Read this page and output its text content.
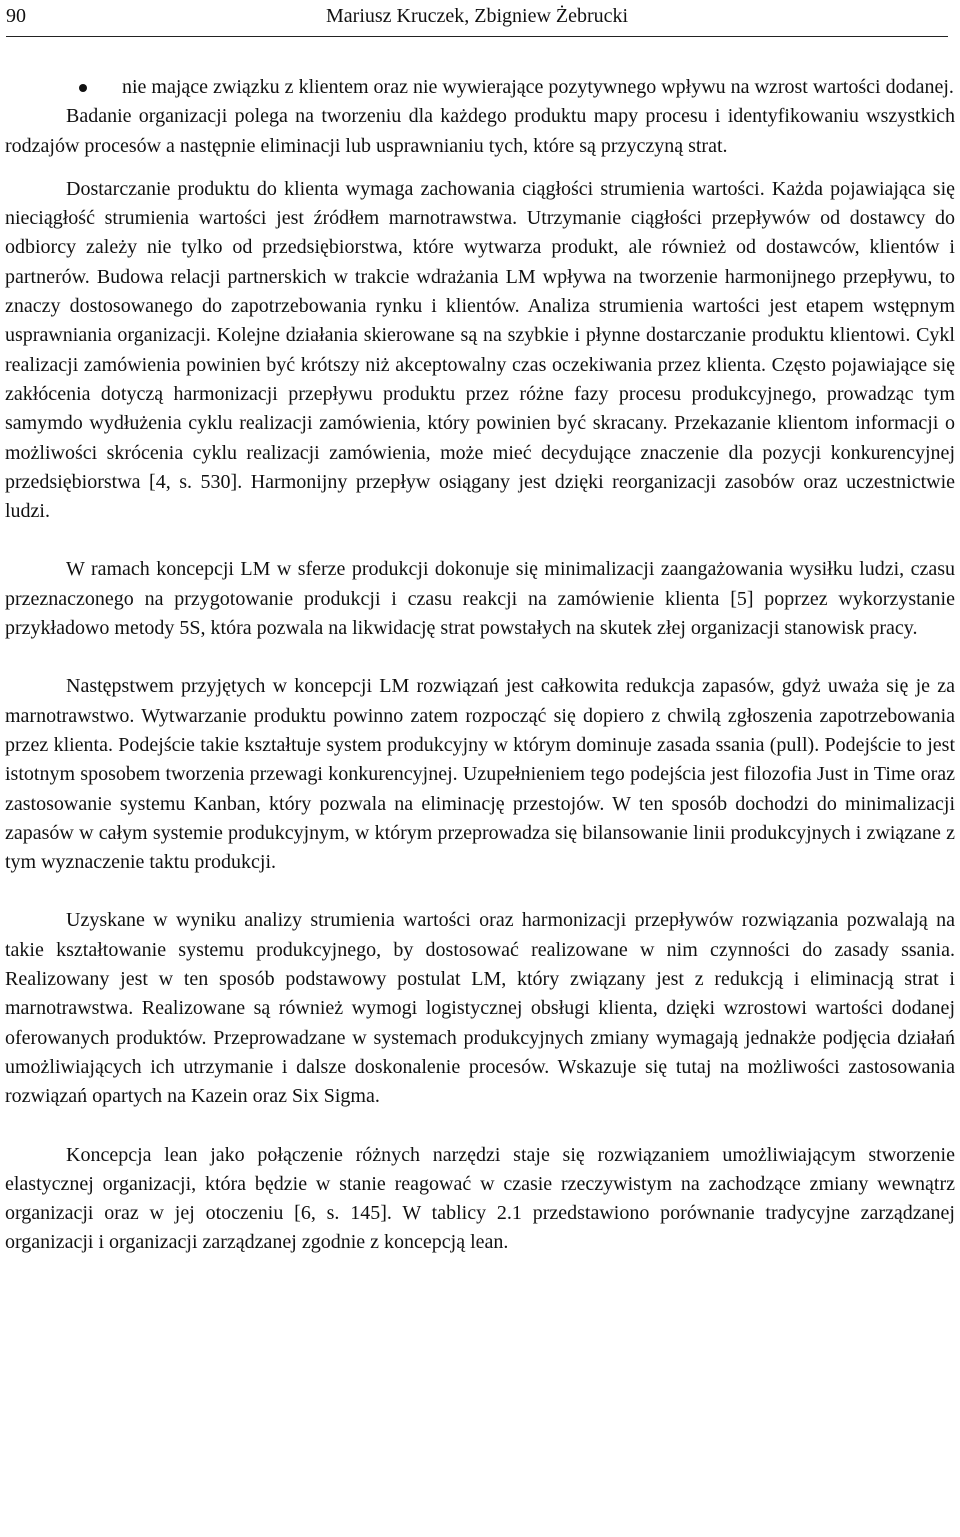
90	Mariusz Kruczek, Zbigniew Żebrucki
nie mające związku z klientem oraz nie wywierające pozytywnego wpływu na wzrost wartości dodanej.

Badanie organizacji polega na tworzeniu dla każdego produktu mapy procesu i identyfikowaniu wszystkich rodzajów procesów a następnie eliminacji lub usprawnianiu tych, które są przyczyną strat.

Dostarczanie produktu do klienta wymaga zachowania ciągłości strumienia wartości. Każda pojawiająca się nieciągłość strumienia wartości jest źródłem marnotrawstwa. Utrzymanie ciągłości przepływów od dostawcy do odbiorcy zależy nie tylko od przedsiębiorstwa, które wytwarza produkt, ale również od dostawców, klientów i partnerów. Budowa relacji partnerskich w trakcie wdrażania LM wpływa na tworzenie harmonijnego przepływu, to znaczy dostosowanego do zapotrzebowania rynku i klientów. Analiza strumienia wartości jest etapem wstępnym usprawniania organizacji. Kolejne działania skierowane są na szybkie i płynne dostarczanie produktu klientowi. Cykl realizacji zamówienia powinien być krótszy niż akceptowalny czas oczekiwania przez klienta. Często pojawiające się zakłócenia dotyczą harmonizacji przepływu produktu przez różne fazy procesu produkcyjnego, prowadząc tym samymdo wydłużenia cyklu realizacji zamówienia, który powinien być skracany. Przekazanie klientom informacji o możliwości skrócenia cyklu realizacji zamówienia, może mieć decydujące znaczenie dla pozycji konkurencyjnej przedsiębiorstwa [4, s. 530]. Harmonijny przepływ osiągany jest dzięki reorganizacji zasobów oraz uczestnictwie ludzi.

W ramach koncepcji LM w sferze produkcji dokonuje się minimalizacji zaangażowania wysiłku ludzi, czasu przeznaczonego na przygotowanie produkcji i czasu reakcji na zamówienie klienta [5] poprzez wykorzystanie przykładowo metody 5S, która pozwala na likwidację strat powstałych na skutek złej organizacji stanowisk pracy.

Następstwem przyjętych w koncepcji LM rozwiązań jest całkowita redukcja zapasów, gdyż uważa się je za marnotrawstwo. Wytwarzanie produktu powinno zatem rozpocząć się dopiero z chwilą zgłoszenia zapotrzebowania przez klienta. Podejście takie kształtuje system produkcyjny w którym dominuje zasada ssania (pull). Podejście to jest istotnym sposobem tworzenia przewagi konkurencyjnej. Uzupełnieniem tego podejścia jest filozofia Just in Time oraz zastosowanie systemu Kanban, który pozwala na eliminację przestojów. W ten sposób dochodzi do minimalizacji zapasów w całym systemie produkcyjnym, w którym przeprowadza się bilansowanie linii produkcyjnych i związane z tym wyznaczenie taktu produkcji.

Uzyskane w wyniku analizy strumienia wartości oraz harmonizacji przepływów rozwiązania pozwalają na takie kształtowanie systemu produkcyjnego, by dostosować realizowane w nim czynności do zasady ssania. Realizowany jest w ten sposób podstawowy postulat LM, który związany jest z redukcją i eliminacją strat i marnotrawstwa. Realizowane są również wymogi logistycznej obsługi klienta, dzięki wzrostowi wartości dodanej oferowanych produktów. Przeprowadzane w systemach produkcyjnych zmiany wymagają jednakże podjęcia działań umożliwiających ich utrzymanie i dalsze doskonalenie procesów. Wskazuje się tutaj na możliwości zastosowania rozwiązań opartych na Kazein oraz Six Sigma.

Koncepcja lean jako połączenie różnych narzędzi staje się rozwiązaniem umożliwiającym stworzenie elastycznej organizacji, która będzie w stanie reagować w czasie rzeczywistym na zachodzące zmiany wewnątrz organizacji oraz w jej otoczeniu [6, s. 145]. W tablicy 2.1 przedstawiono porównanie tradycyjne zarządzanej organizacji i organizacji zarządzanej zgodnie z koncepcją lean.
